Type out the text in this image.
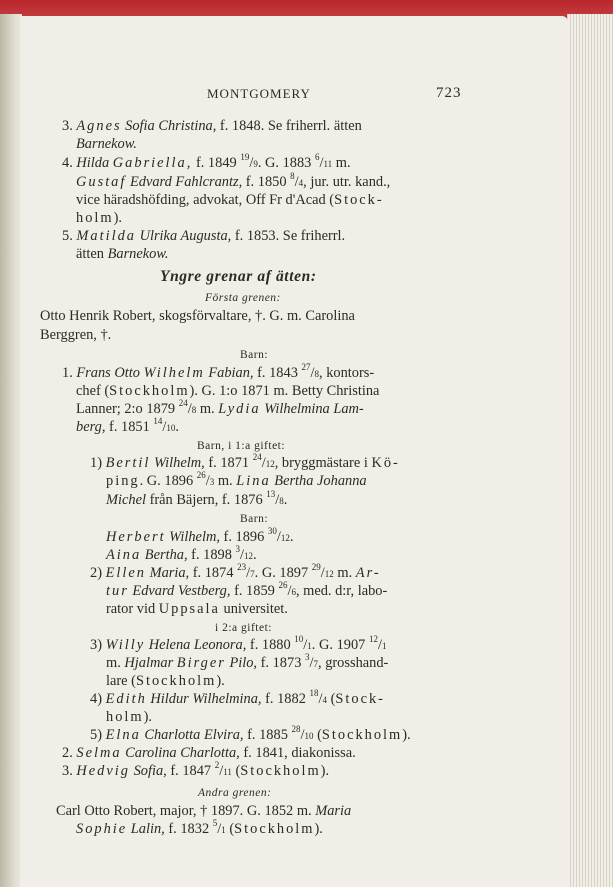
MONTGOMERY	723
3. Agnes Sofia Christina, f. 1848. Se friherrl. ätten
Barnekow.
4. Hilda Gabriella, f. 1849 $^{19}$/9. G. 1883 $^6$/11 m.
Gustaf Edvard Fahlcrantz, f. 1850 $^8$/4, jur. utr. kand.,
vice häradshöfding, advokat, Off Fr d'Acad (Stock-
holm).
5. Matilda Ulrika Augusta, f. 1853. Se friherrl.
ätten Barnekow.
Yngre grenar af ätten:
Första grenen:
Otto Henrik Robert, skogsförvaltare, †. G. m. Carolina
Berggren, †.
Barn:
1. Frans Otto Wilhelm Fabian, f. 1843 $^{27}$/8, kontors-
chef (Stockholm). G. 1:o 1871 m. Betty Christina
Lanner; 2:o 1879 $^{24}$/8 m. Lydia Wilhelmina Lam-
berg, f. 1851 $^{14}$/10.
Barn, i 1:a giftet:
1) Bertil Wilhelm, f. 1871 $^{24}$/12, bryggmästare i Kö-
ping. G. 1896 $^{26}$/3 m. Lina Bertha Johanna
Michel från Bäjern, f. 1876 $^{13}$/8.
Barn:
Herbert Wilhelm, f. 1896 $^{30}$/12.
Aina Bertha, f. 1898 $^3$/12.
2) Ellen Maria, f. 1874 $^{23}$/7. G. 1897 $^{29}$/12 m. Ar-
tur Edvard Vestberg, f. 1859 $^{26}$/6, med. d:r, labo-
rator vid Uppsala universitet.
i 2:a giftet:
3) Willy Helena Leonora, f. 1880 $^{10}$/1. G. 1907 $^{12}$/1
m. Hjalmar Birger Pilo, f. 1873 $^3$/7, grosshand-
lare (Stockholm).
4) Edith Hildur Wilhelmina, f. 1882 $^{18}$/4 (Stock-
holm).
5) Elna Charlotta Elvira, f. 1885 $^{28}$/10 (Stockholm).
2. Selma Carolina Charlotta, f. 1841, diakonissa.
3. Hedvig Sofia, f. 1847 $^2$/11 (Stockholm).
Andra grenen:
Carl Otto Robert, major, † 1897. G. 1852 m. Maria
Sophie Lalin, f. 1832 $^5$/1 (Stockholm).
